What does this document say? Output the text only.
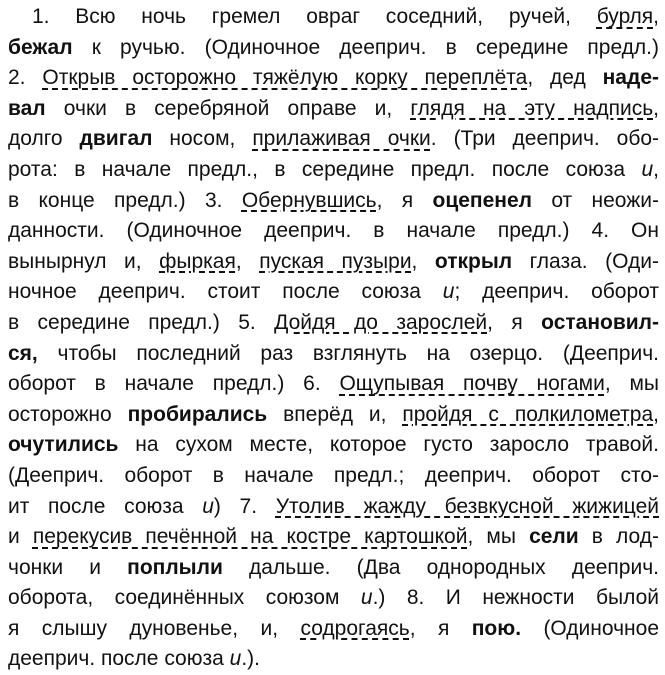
1. Всю ночь гремел овраг соседний, ручей, бурля,
бежал к ручью. (Одиночное дееприч. в середине предл.)
2. Открыв осторожно тяжёлую корку переплёта, дед наде-
вал очки в серебряной оправе и, глядя на эту надпись,
долго двигал носом, прилаживая очки. (Три дееприч. обо-
рота: в начале предл., в середине предл. после союза и,
в конце предл.) 3. Обернувшись, я оцепенел от неожи-
данности. (Одиночное дееприч. в начале предл.) 4. Он
вынырнул и, фыркая, пуская пузыри, открыл глаза. (Оди-
ночное дееприч. стоит после союза и; дееприч. оборот
в середине предл.) 5. Дойдя до зарослей, я остановил-
ся, чтобы последний раз взглянуть на озерцо. (Дееприч.
оборот в начале предл.) 6. Ощупывая почву ногами, мы
осторожно пробирались вперёд и, пройдя с полкилометра,
очутились на сухом месте, которое густо заросло травой.
(Дееприч. оборот в начале предл.; дееприч. оборот сто-
ит после союза и) 7. Утолив жажду безвкусной жижицей
и перекусив печённой на костре картошкой, мы сели в лод-
чонки и поплыли дальше. (Два однородных дееприч.
оборота, соединённых союзом и.) 8. И нежности былой
я слышу дуновенье, и, содрогаясь, я пою. (Одиночное
дееприч. после союза и.).
